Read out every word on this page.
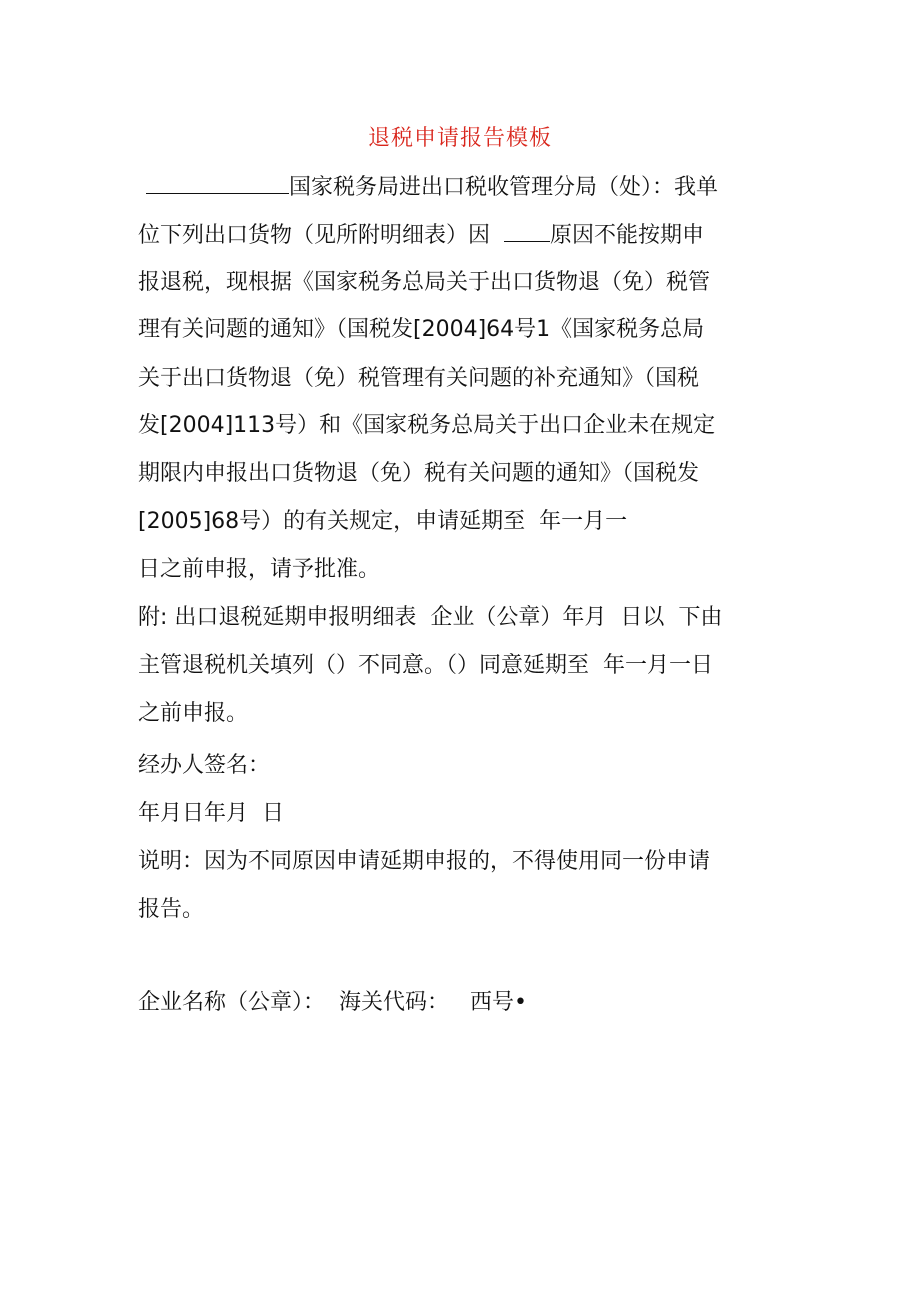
退税申请报告模板
国家税务局进出口税收管理分局（处）：我单
位下列出口货物（见所附明细表）因	原因不能按期申
报退税，现根据《国家税务总局关于出口货物退（免）税管
理有关问题的通知》（国税发[2004]64号1《国家税务总局
关于出口货物退（免）税管理有关问题的补充通知》（国税
发[2004]113号）和《国家税务总局关于出口企业未在规定
期限内申报出口货物退（免）税有关问题的通知》（国税发
[2005]68号）的有关规定，申请延期至  年一月一
日之前申报，请予批准。
附: 出口退税延期申报明细表  企业（公章）年月  日以  下由
主管退税机关填列（）不同意。（）同意延期至  年一月一日
之前申报。
经办人签名：
年月日年月  日
说明：因为不同原因申请延期申报的，不得使用同一份申请
报告。
企业名称（公章）：  海关代码：   西号•
